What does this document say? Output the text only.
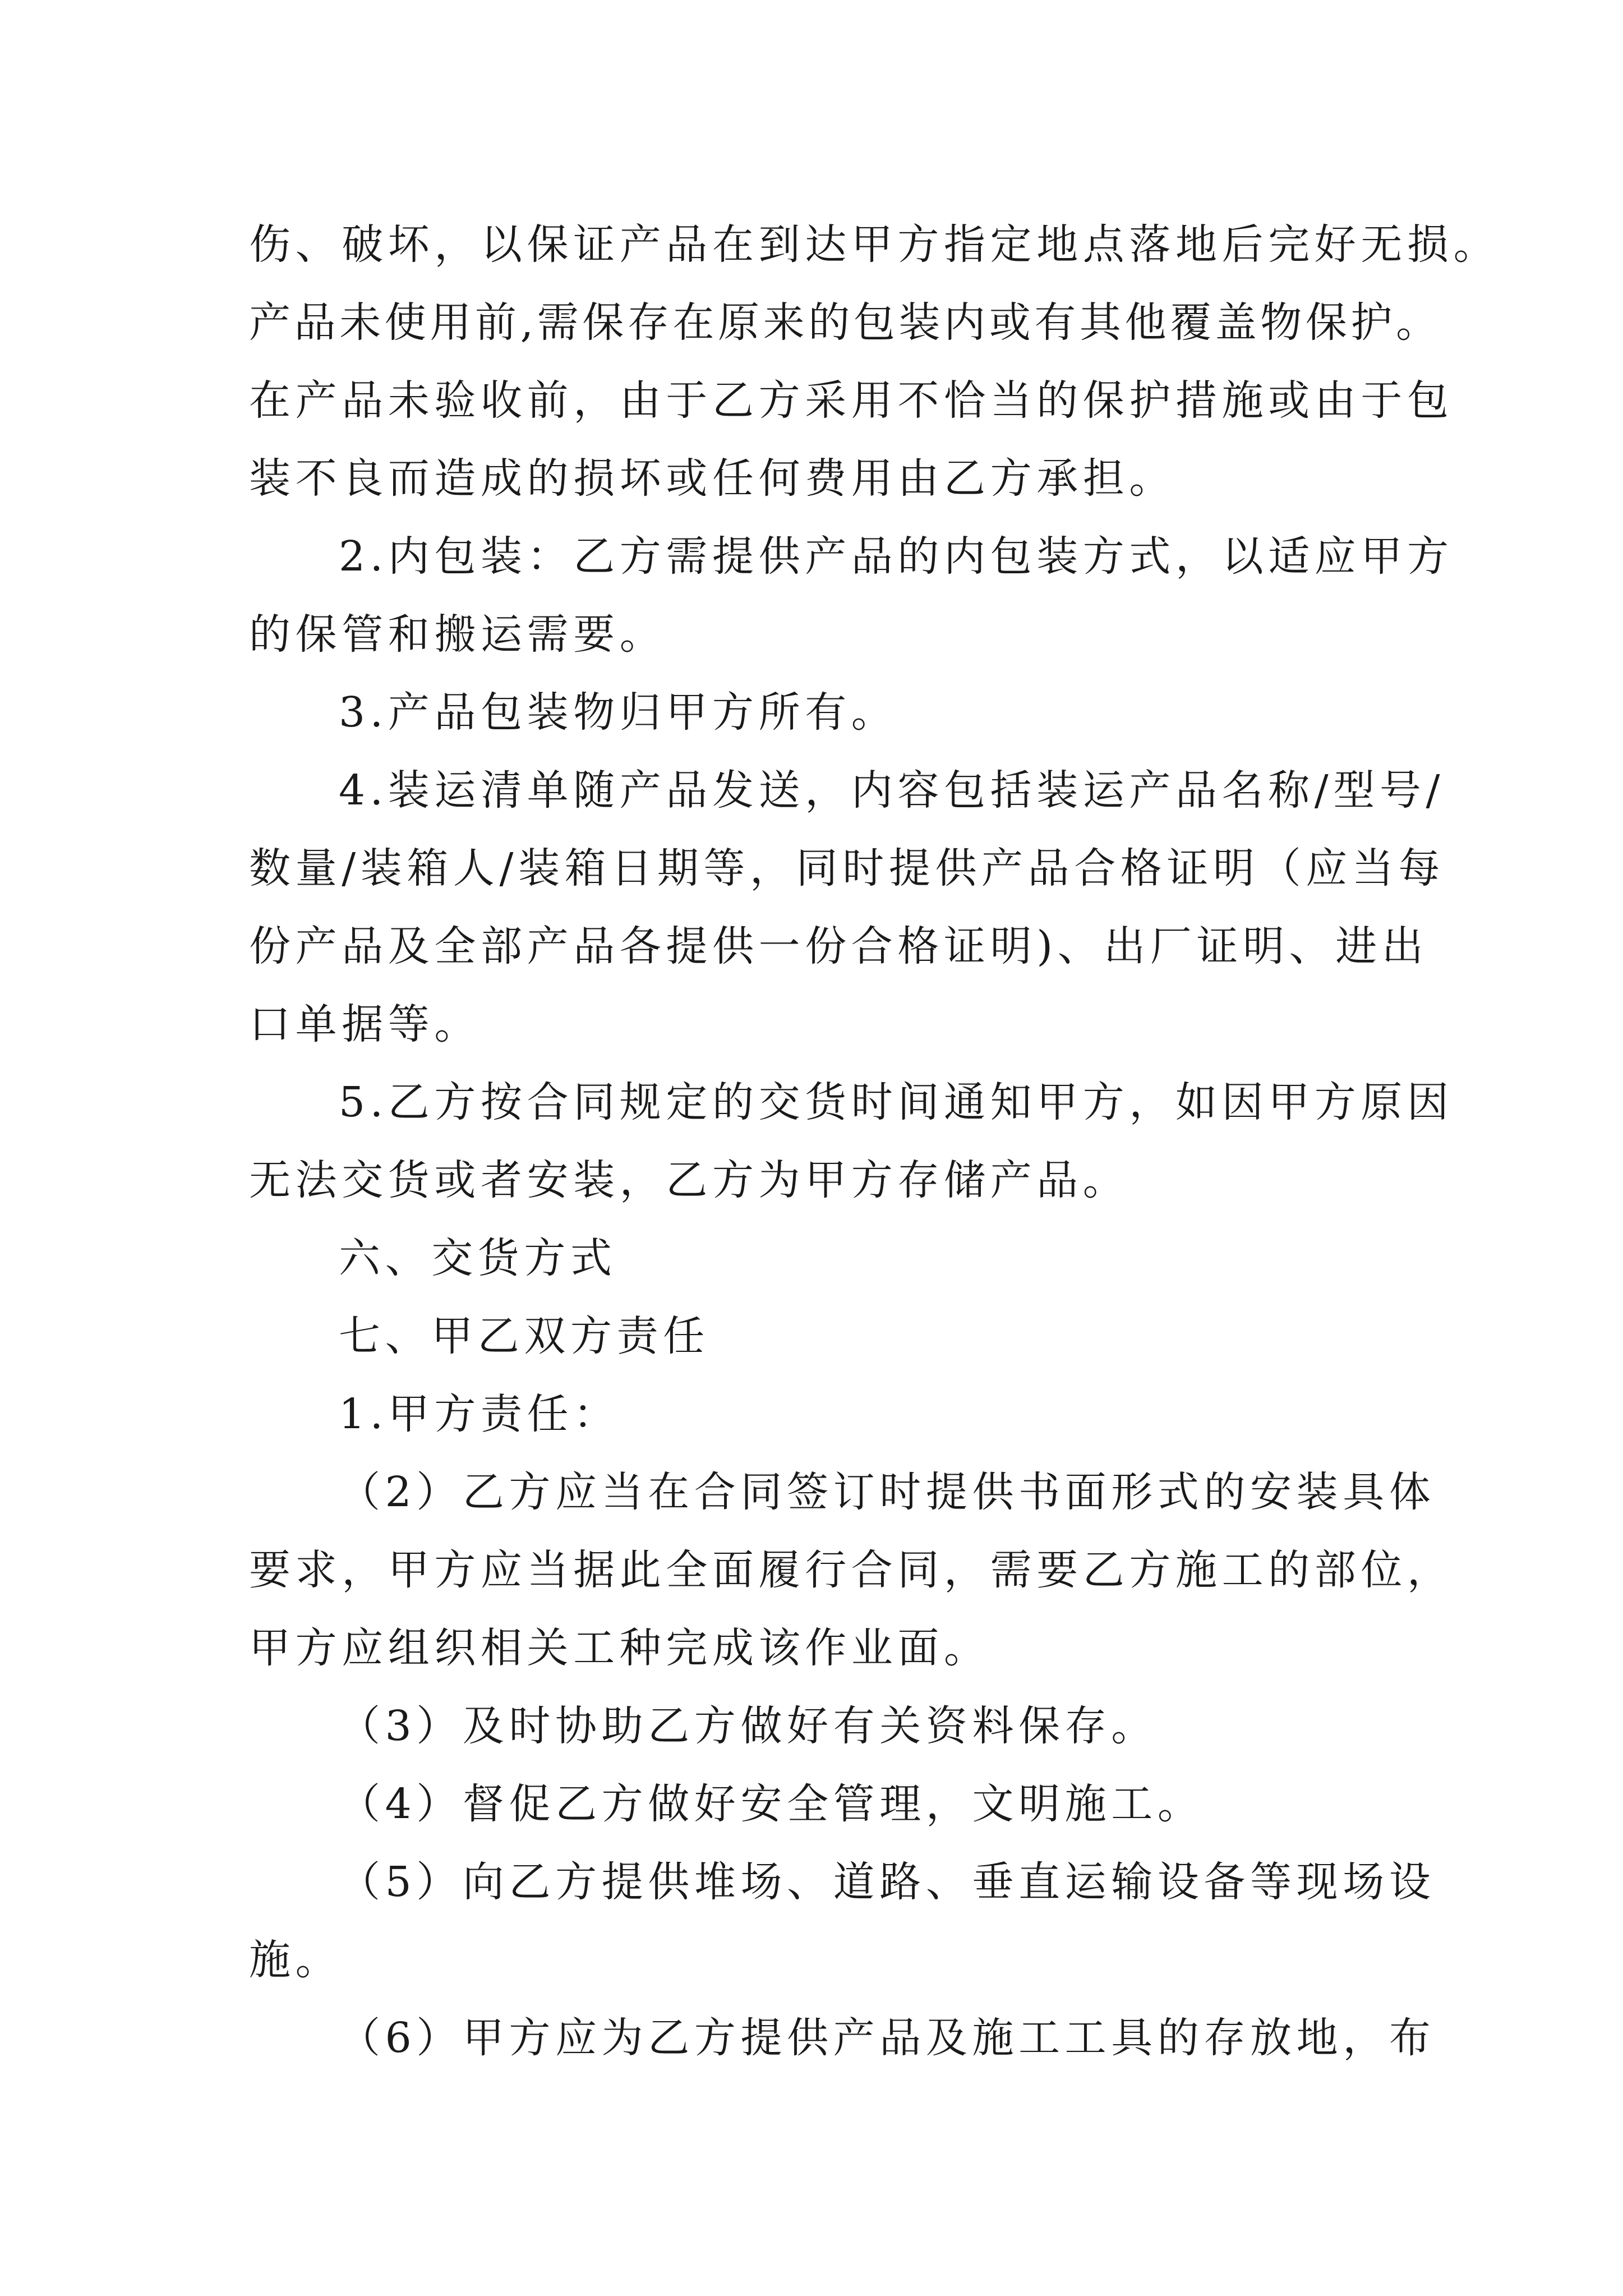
伤、破坏，以保证产品在到达甲方指定地点落地后完好无损。

产品未使用前,需保存在原来的包装内或有其他覆盖物保护。

在产品未验收前，由于乙方采用不恰当的保护措施或由于包

装不良而造成的损坏或任何费用由乙方承担。

2.内包装：乙方需提供产品的内包装方式，以适应甲方

的保管和搬运需要。

3.产品包装物归甲方所有。

4.装运清单随产品发送，内容包括装运产品名称/型号/

数量/装箱人/装箱日期等，同时提供产品合格证明（应当每

份产品及全部产品各提供一份合格证明)、出厂证明、进出

口单据等。

5.乙方按合同规定的交货时间通知甲方，如因甲方原因

无法交货或者安装，乙方为甲方存储产品。

六、交货方式

七、甲乙双方责任

1.甲方责任：

（2）乙方应当在合同签订时提供书面形式的安装具体

要求，甲方应当据此全面履行合同，需要乙方施工的部位，

甲方应组织相关工种完成该作业面。

（3）及时协助乙方做好有关资料保存。

（4）督促乙方做好安全管理，文明施工。

（5）向乙方提供堆场、道路、垂直运输设备等现场设

施。

（6）甲方应为乙方提供产品及施工工具的存放地，布
